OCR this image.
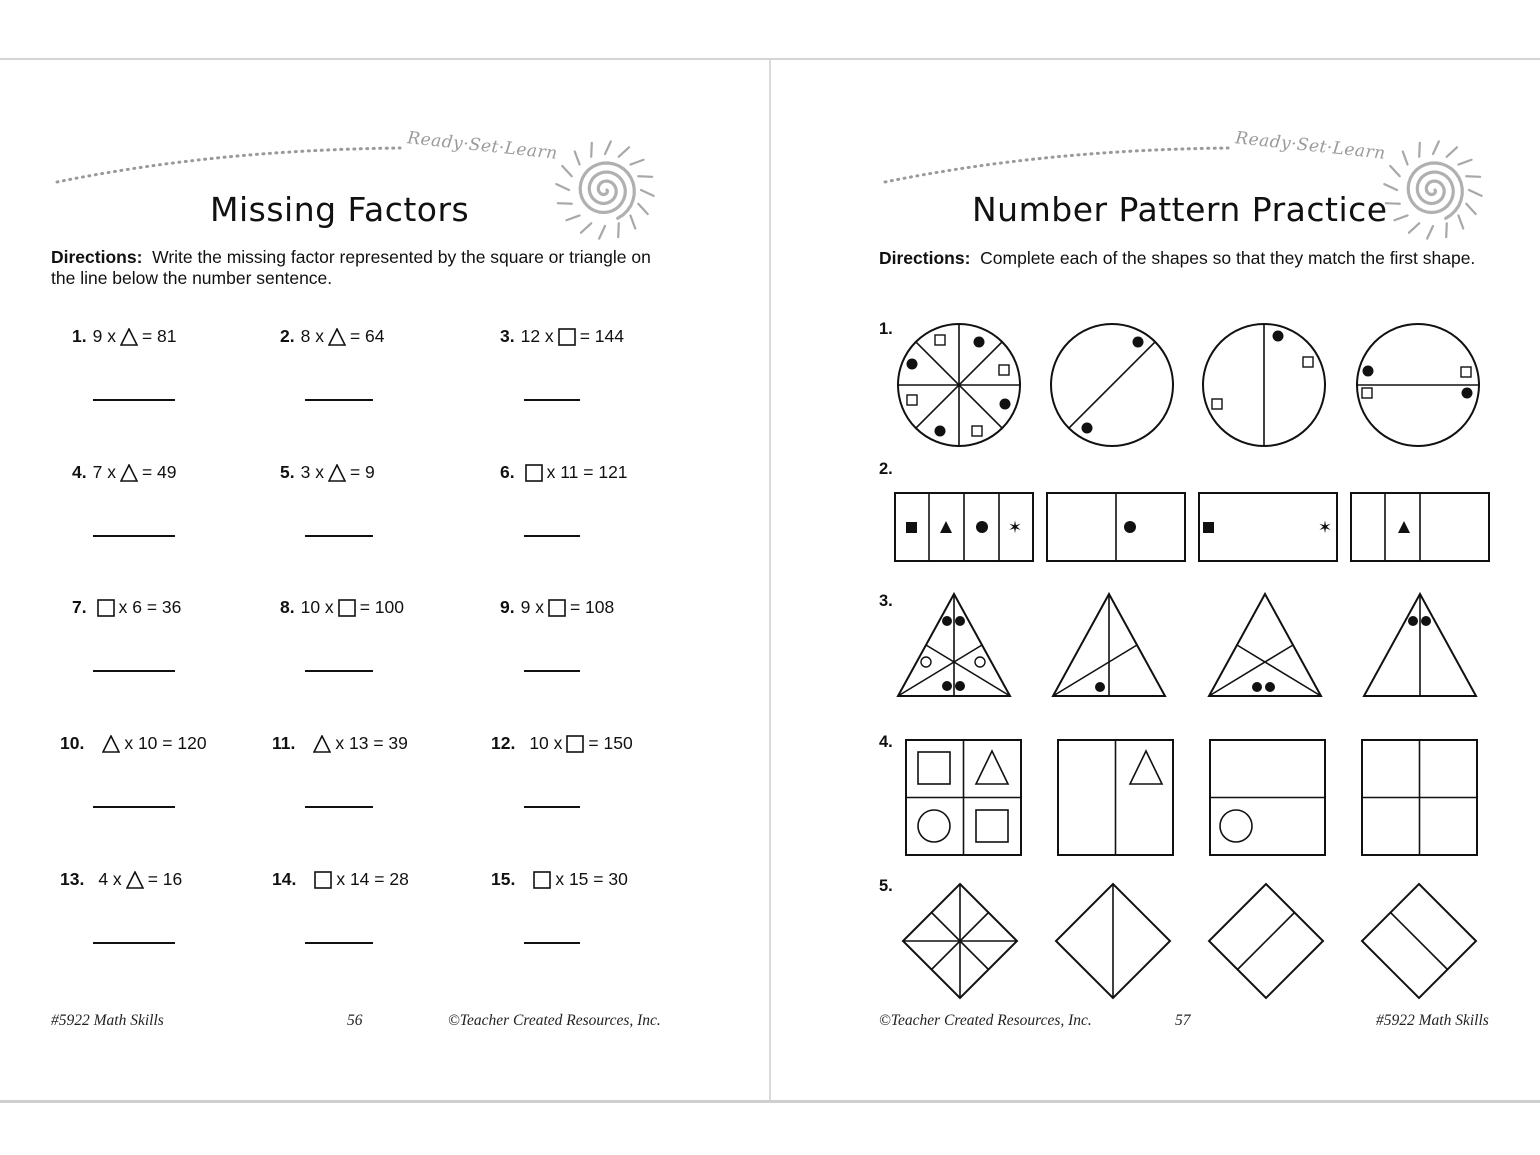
Ready·Set·Learn
Missing Factors
Directions: Write the missing factor represented by the square or triangle on the line below the number sentence.
1. 9 x = 81	2. 8 x = 64	3. 12 x = 144
4. 7 x = 49	5. 3 x = 9	6. x 11 = 121
7. x 6 = 36	8. 10 x = 100	9. 9 x = 108
10. x 10 = 120	11. x 13 = 39	12. 10 x = 150
13. 4 x = 16	14. x 14 = 28	15. x 15 = 30
#5922 Math Skills	56	©Teacher Created Resources, Inc.
Ready·Set·Learn
Number Pattern Practice
Directions: Complete each of the shapes so that they match the first shape.
1.
2.
3.
4.
5.
✶	✶
©Teacher Created Resources, Inc.	57	#5922 Math Skills
